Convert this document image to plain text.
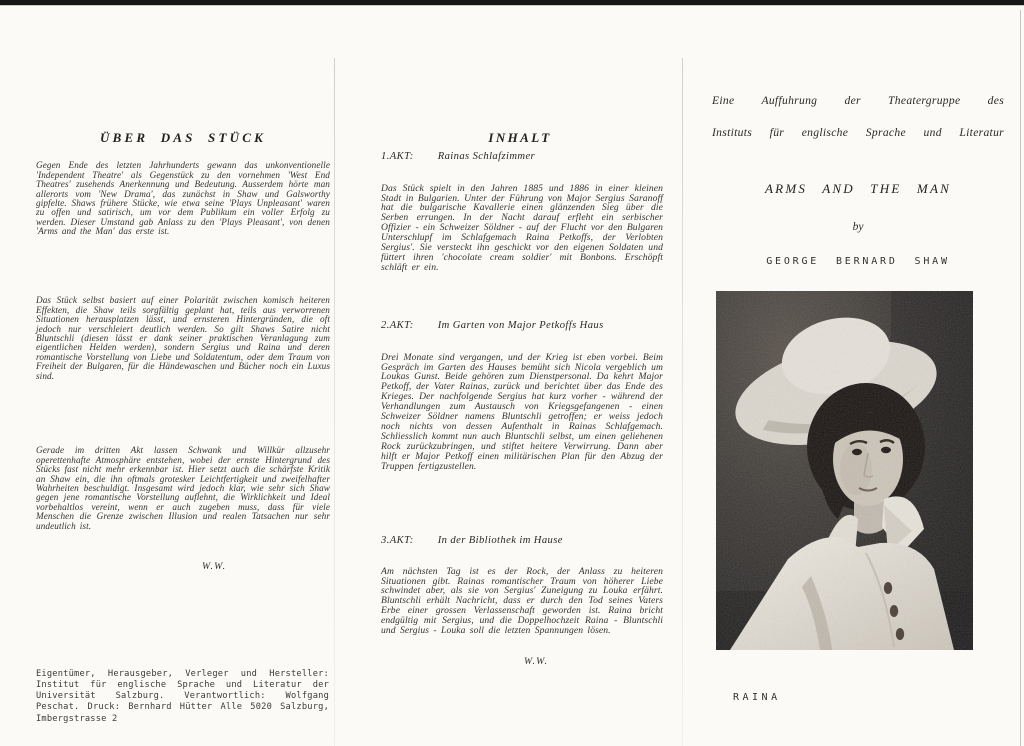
ÜBER DAS STÜCK

Gegen Ende des letzten Jahrhunderts gewann das unkonventionelle 'Independent Theatre' als Gegenstück zu den vornehmen 'West End Theatres' zusehends Anerkennung und Bedeutung. Ausserdem hörte man allerorts vom 'New Drama', das zunächst in Shaw und Galsworthy gipfelte. Shaws frühere Stücke, wie etwa seine 'Plays Unpleasant' waren zu offen und satirisch, um vor dem Publikum ein voller Erfolg zu werden. Dieser Umstand gab Anlass zu den 'Plays Pleasant', von denen 'Arms and the Man' das erste ist.

Das Stück selbst basiert auf einer Polarität zwischen komisch heiteren Effekten, die Shaw teils sorgfältig geplant hat, teils aus verworrenen Situationen herausplatzen lässt, und ernsteren Hintergründen, die oft jedoch nur verschleiert deutlich werden. So gilt Shaws Satire nicht Bluntschli (diesen lässt er dank seiner praktischen Veranlagung zum eigentlichen Helden werden), sondern Sergius und Raina und deren romantische Vorstellung von Liebe und Soldatentum, oder dem Traum von Freiheit der Bulgaren, für die Händewaschen und Bücher noch ein Luxus sind.

Gerade im dritten Akt lassen Schwank und Willkür allzusehr operettenhafte Atmosphäre entstehen, wobei der ernste Hintergrund des Stücks fast nicht mehr erkennbar ist. Hier setzt auch die schärfste Kritik an Shaw ein, die ihn oftmals grotesker Leichtfertigkeit und zweifelhafter Wahrheiten beschuldigt. Insgesamt wird jedoch klar, wie sehr sich Shaw gegen jene romantische Vorstellung auflehnt, die Wirklichkeit und Ideal vorbehaltlos vereint, wenn er auch zugeben muss, dass für viele Menschen die Grenze zwischen Illusion und realen Tatsachen nur sehr undeutlich ist.

W.W.

Eigentümer, Herausgeber, Verleger und Hersteller: Institut für englische Sprache und Literatur der Universität Salzburg. Verantwortlich: Wolfgang Peschat. Druck: Bernhard Hütter Alle 5020 Salzburg, Imbergstrasse 2

INHALT
1.AKT: Rainas Schlafzimmer

Das Stück spielt in den Jahren 1885 und 1886 in einer kleinen Stadt in Bulgarien. Unter der Führung von Major Sergius Saranoff hat die bulgarische Kavallerie einen glänzenden Sieg über die Serben errungen. In der Nacht darauf erfleht ein serbischer Offizier - ein Schweizer Söldner - auf der Flucht vor den Bulgaren Unterschlupf im Schlafgemach Raina Petkoffs, der Verlobten Sergius'. Sie versteckt ihn geschickt vor den eigenen Soldaten und füttert ihren 'chocolate cream soldier' mit Bonbons. Erschöpft schläft er ein.

2.AKT: Im Garten von Major Petkoffs Haus

Drei Monate sind vergangen, und der Krieg ist eben vorbei. Beim Gespräch im Garten des Hauses bemüht sich Nicola vergeblich um Loukas Gunst. Beide gehören zum Dienstpersonal. Da kehrt Major Petkoff, der Vater Rainas, zurück und berichtet über das Ende des Krieges. Der nachfolgende Sergius hat kurz vorher - während der Verhandlungen zum Austausch von Kriegsgefangenen - einen Schweizer Söldner namens Bluntschli getroffen; er weiss jedoch noch nichts von dessen Aufenthalt in Rainas Schlafgemach. Schliesslich kommt nun auch Bluntschli selbst, um einen geliehenen Rock zurückzubringen, und stiftet heitere Verwirrung. Dann aber hilft er Major Petkoff einen militärischen Plan für den Abzug der Truppen fertigzustellen.

3.AKT: In der Bibliothek im Hause

Am nächsten Tag ist es der Rock, der Anlass zu heiteren Situationen gibt. Rainas romantischer Traum von höherer Liebe schwindet aber, als sie von Sergius' Zuneigung zu Louka erfährt. Bluntschli erhält Nachricht, dass er durch den Tod seines Vaters Erbe einer grossen Verlassenschaft geworden ist. Raina bricht endgültig mit Sergius, und die Doppelhochzeit Raina - Bluntschli und Sergius - Louka soll die letzten Spannungen lösen.

W.W.

Eine Auffuhrung der Theatergruppe des

Instituts für englische Sprache und Literatur

ARMS AND THE MAN
by
GEORGE BERNARD SHAW
RAINA
